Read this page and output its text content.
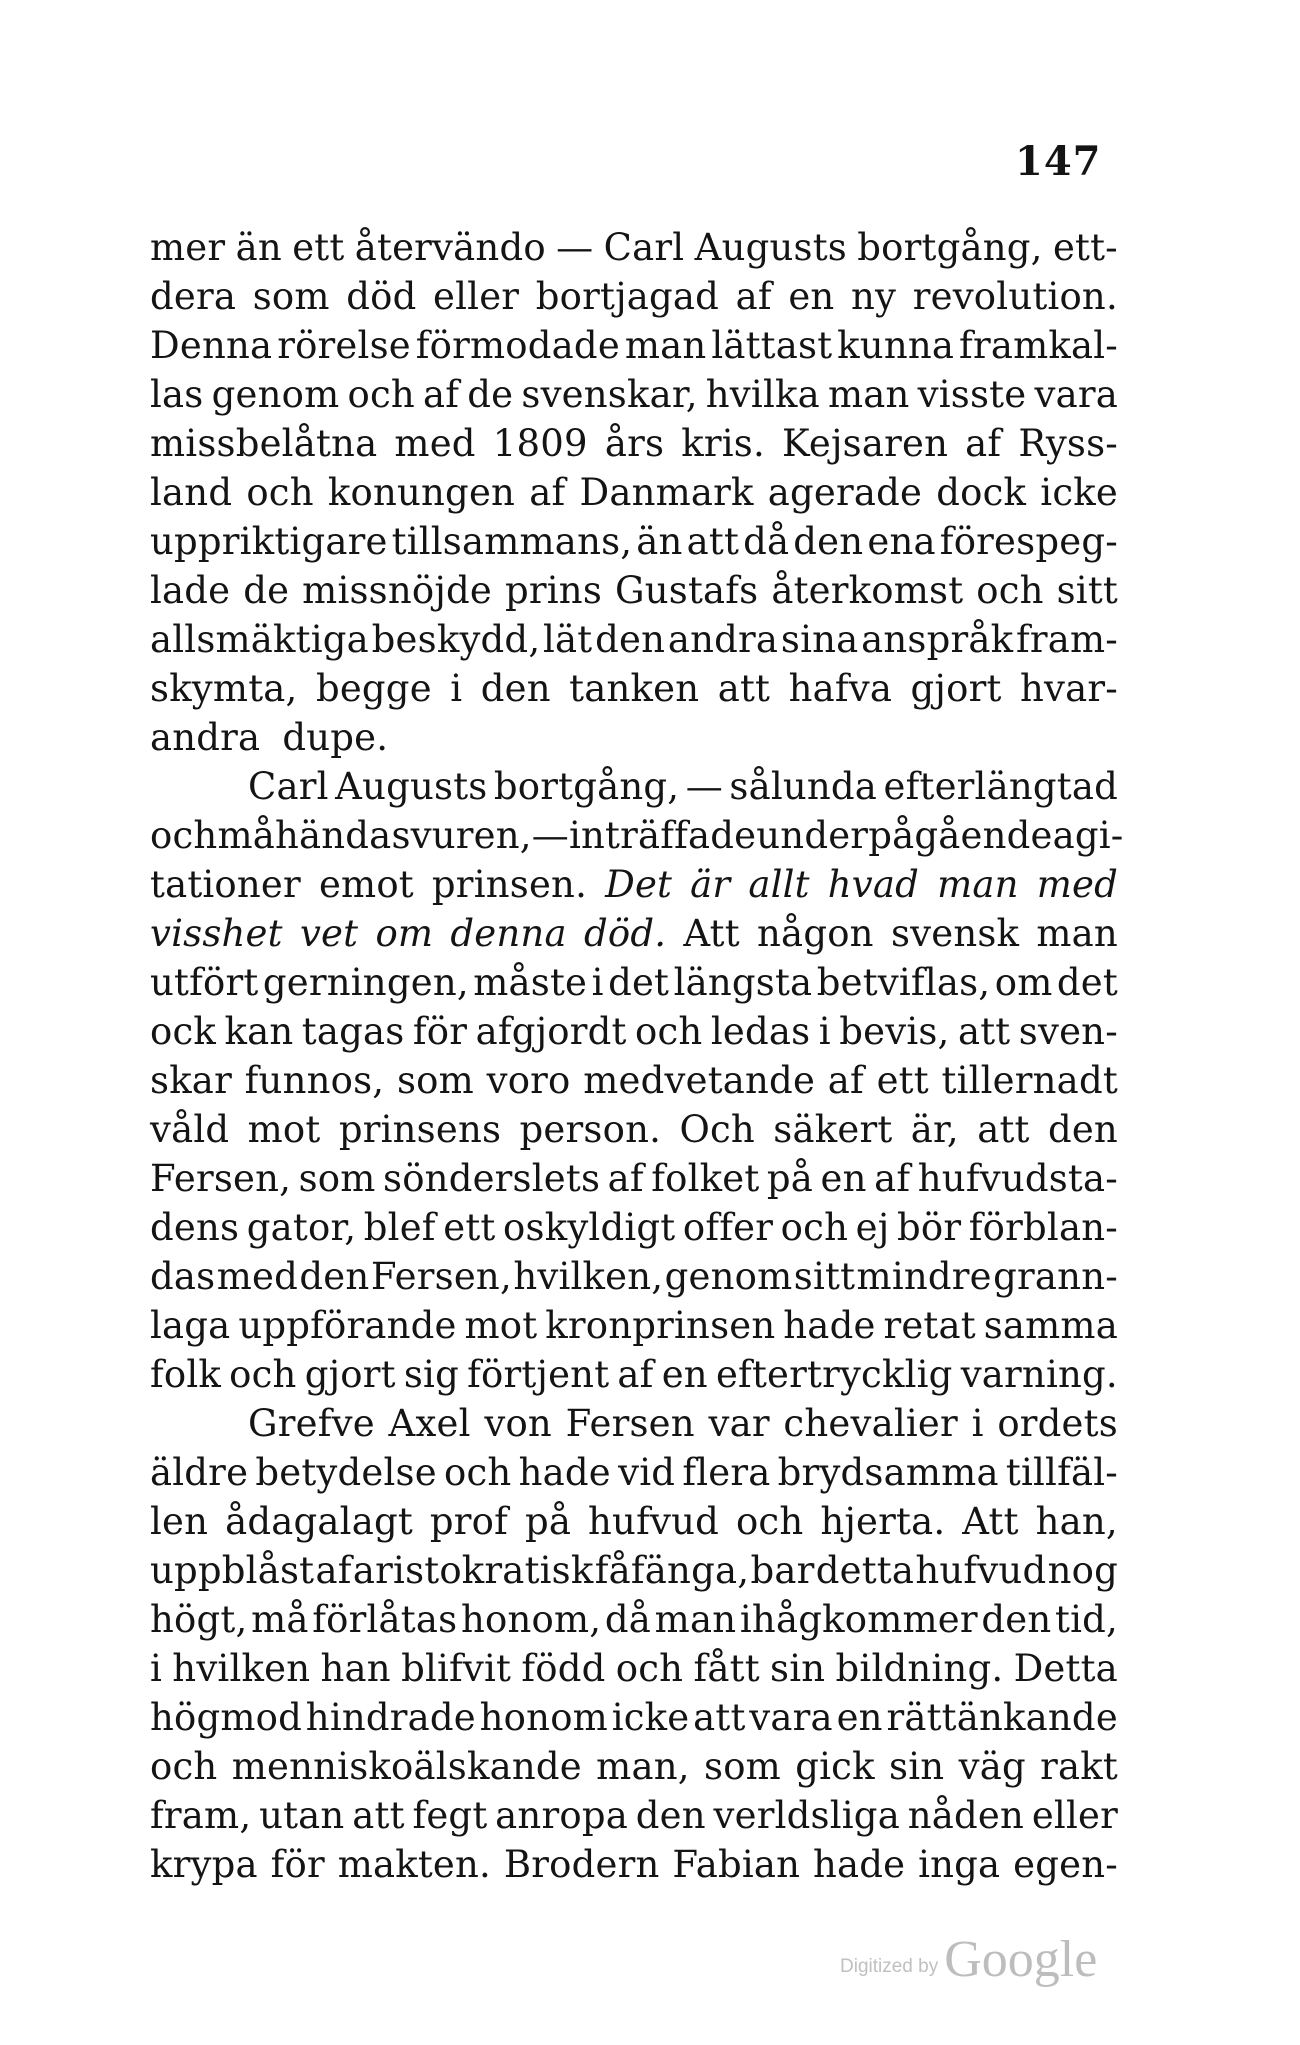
147
mer än ett återvändo — Carl Augusts bortgång, ett-
dera som död eller bortjagad af en ny revolution.
Denna rörelse förmodade man lättast kunna framkal-
las genom och af de svenskar, hvilka man visste vara
missbelåtna med 1809 års kris. Kejsaren af Ryss-
land och konungen af Danmark agerade dock icke
uppriktigare tillsammans, än att då den ena förespeg-
lade de missnöjde prins Gustafs återkomst och sitt
allsmäktiga beskydd, lät den andra sina anspråk fram-
skymta, begge i den tanken att hafva gjort hvar-
andra dupe.
Carl Augusts bortgång, — sålunda efterlängtad
och måhända svuren, — inträffade under pågående agi-
tationer emot prinsen. Det är allt hvad man med
visshet vet om denna död. Att någon svensk man
utfört gerningen, måste i det längsta betviflas, om det
ock kan tagas för afgjordt och ledas i bevis, att sven-
skar funnos, som voro medvetande af ett tillernadt
våld mot prinsens person. Och säkert är, att den
Fersen, som sönderslets af folket på en af hufvudsta-
dens gator, blef ett oskyldigt offer och ej bör förblan-
das med den Fersen, hvilken, genom sitt mindre grann-
laga uppförande mot kronprinsen hade retat samma
folk och gjort sig förtjent af en eftertrycklig varning.
Grefve Axel von Fersen var chevalier i ordets
äldre betydelse och hade vid flera brydsamma tillfäl-
len ådagalagt prof på hufvud och hjerta. Att han,
uppblåst af aristokratisk fåfänga, bar detta hufvud nog
högt, må förlåtas honom, då man ihågkommer den tid,
i hvilken han blifvit född och fått sin bildning. Detta
högmod hindrade honom icke att vara en rättänkande
och menniskoälskande man, som gick sin väg rakt
fram, utan att fegt anropa den verldsliga nåden eller
krypa för makten. Brodern Fabian hade inga egen-
Digitized by Google
